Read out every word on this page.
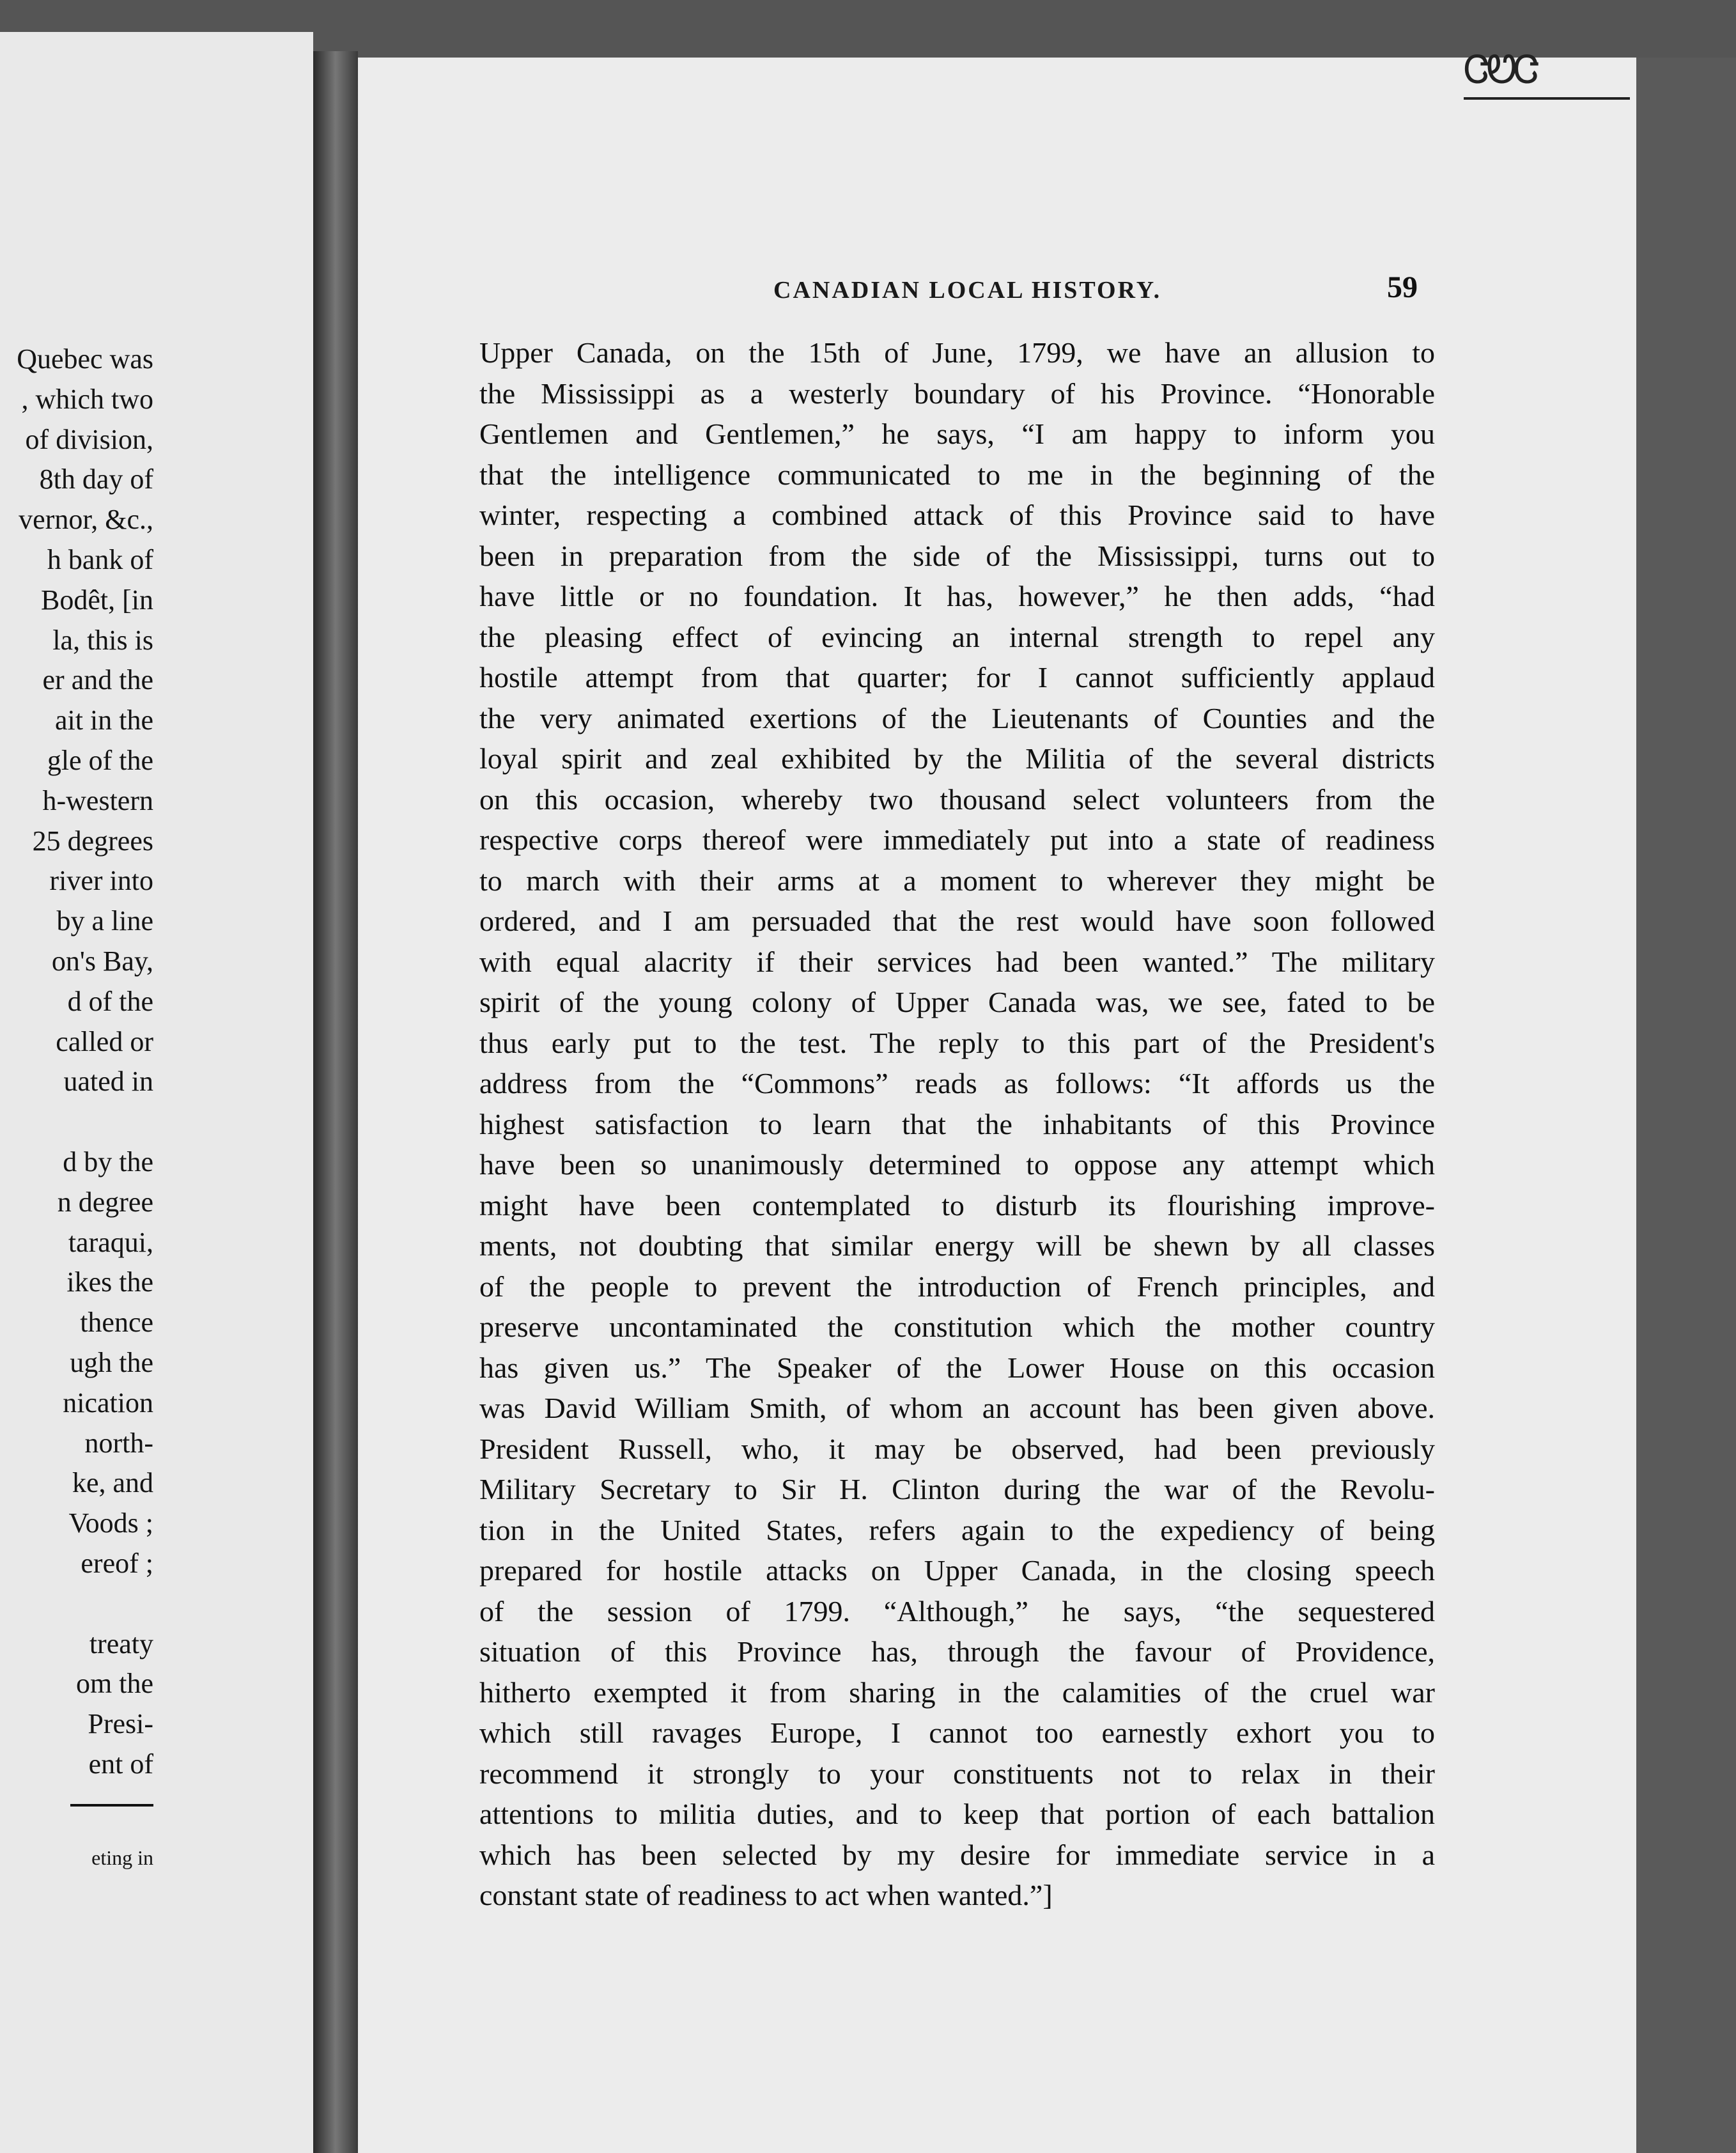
Quebec was
, which two
of division,
8th day of
vernor, &c.,
h bank of
Bodêt, [in
la, this is
er and the
ait in the
gle of the
h-western
25 degrees
river into
by a line
on's Bay,
d of the
called or
uated in
d by the
n degree
taraqui,
ikes the
thence
ugh the
nication
north-
ke, and
Voods ;
ereof ;
treaty
om the
Presi-
ent of
eting in
ᏣᏬᏣ
CANADIAN LOCAL HISTORY.	59
Upper Canada, on the 15th of June, 1799, we have an allusion to
the Mississippi as a westerly boundary of his Province. “Honorable
Gentlemen and Gentlemen,” he says, “I am happy to inform you
that the intelligence communicated to me in the beginning of the
winter, respecting a combined attack of this Province said to have
been in preparation from the side of the Mississippi, turns out to
have little or no foundation. It has, however,” he then adds, “had
the pleasing effect of evincing an internal strength to repel any
hostile attempt from that quarter; for I cannot sufficiently applaud
the very animated exertions of the Lieutenants of Counties and the
loyal spirit and zeal exhibited by the Militia of the several districts
on this occasion, whereby two thousand select volunteers from the
respective corps thereof were immediately put into a state of readiness
to march with their arms at a moment to wherever they might be
ordered, and I am persuaded that the rest would have soon followed
with equal alacrity if their services had been wanted.” The military
spirit of the young colony of Upper Canada was, we see, fated to be
thus early put to the test. The reply to this part of the President's
address from the “Commons” reads as follows: “It affords us the
highest satisfaction to learn that the inhabitants of this Province
have been so unanimously determined to oppose any attempt which
might have been contemplated to disturb its flourishing improve-
ments, not doubting that similar energy will be shewn by all classes
of the people to prevent the introduction of French principles, and
preserve uncontaminated the constitution which the mother country
has given us.” The Speaker of the Lower House on this occasion
was David William Smith, of whom an account has been given above.
President Russell, who, it may be observed, had been previously
Military Secretary to Sir H. Clinton during the war of the Revolu-
tion in the United States, refers again to the expediency of being
prepared for hostile attacks on Upper Canada, in the closing speech
of the session of 1799. “Although,” he says, “the sequestered
situation of this Province has, through the favour of Providence,
hitherto exempted it from sharing in the calamities of the cruel war
which still ravages Europe, I cannot too earnestly exhort you to
recommend it strongly to your constituents not to relax in their
attentions to militia duties, and to keep that portion of each battalion
which has been selected by my desire for immediate service in a
constant state of readiness to act when wanted.”]
